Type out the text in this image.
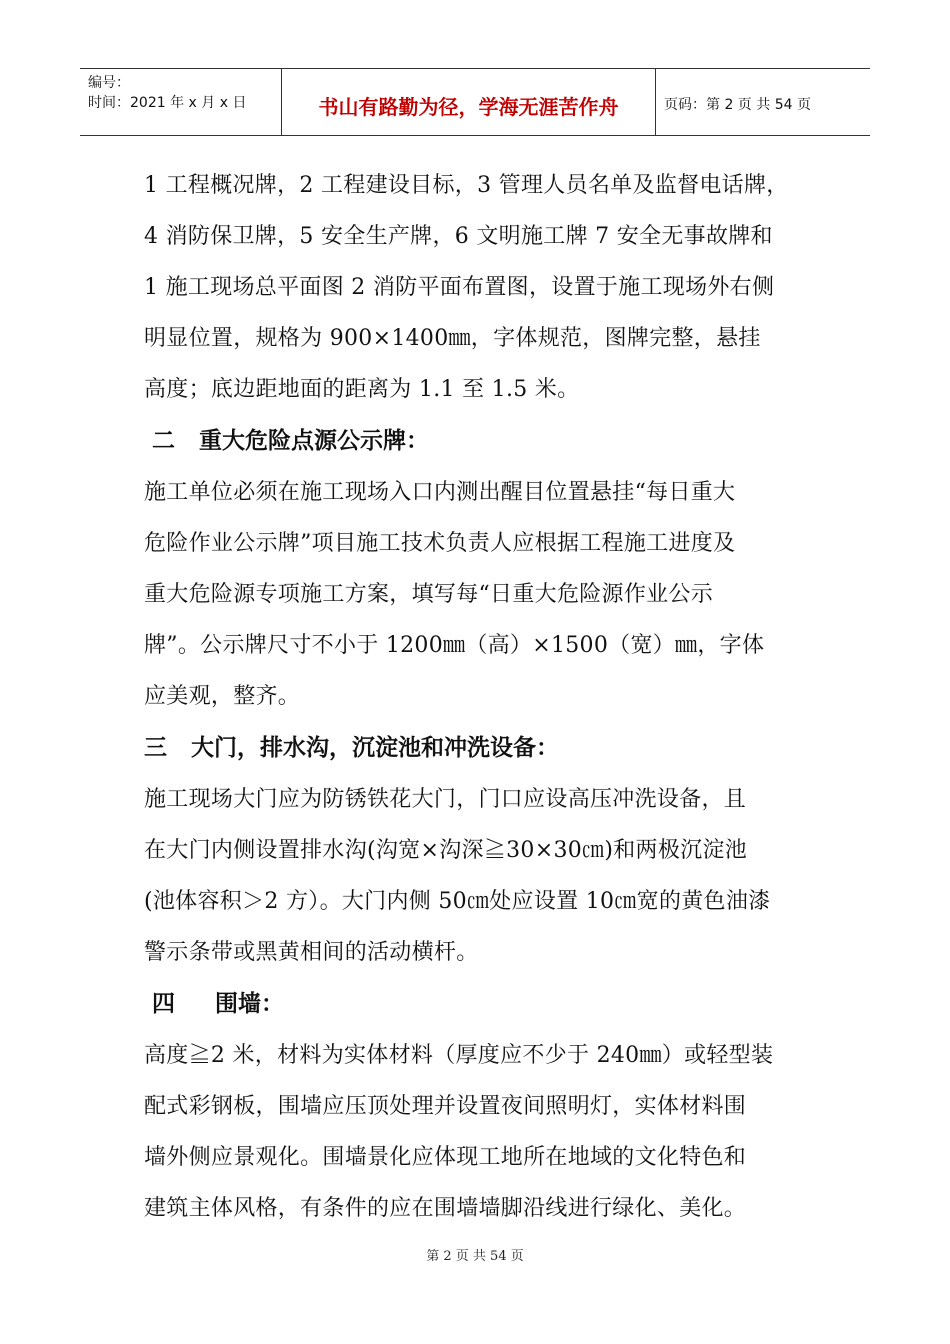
编号：
时间：2021 年 x 月 x 日	书山有路勤为径，学海无涯苦作舟	页码：第 2 页 共 54 页

1 工程概况牌，2 工程建设目标，3 管理人员名单及监督电话牌，

4 消防保卫牌，5 安全生产牌，6 文明施工牌 7 安全无事故牌和

1 施工现场总平面图 2 消防平面布置图，设置于施工现场外右侧

明显位置，规格为 900×1400㎜，字体规范，图牌完整，悬挂

高度；底边距地面的距离为 1.1 至 1.5 米。

二   重大危险点源公示牌：

施工单位必须在施工现场入口内测出醒目位置悬挂“每日重大

危险作业公示牌”项目施工技术负责人应根据工程施工进度及

重大危险源专项施工方案，填写每“日重大危险源作业公示

牌”。公示牌尺寸不小于 1200㎜（高）×1500（宽）㎜，字体

应美观，整齐。

三   大门，排水沟，沉淀池和冲洗设备：

施工现场大门应为防锈铁花大门，门口应设高压冲洗设备，且

在大门内侧设置排水沟(沟宽×沟深≧30×30㎝)和两极沉淀池

(池体容积＞2 方）。大门内侧 50㎝处应设置 10㎝宽的黄色油漆

警示条带或黑黄相间的活动横杆。

四     围墙：

高度≧2 米，材料为实体材料（厚度应不少于 240㎜）或轻型装

配式彩钢板，围墙应压顶处理并设置夜间照明灯，实体材料围

墙外侧应景观化。围墙景化应体现工地所在地域的文化特色和

建筑主体风格，有条件的应在围墙墙脚沿线进行绿化、美化。

第 2 页 共 54 页
